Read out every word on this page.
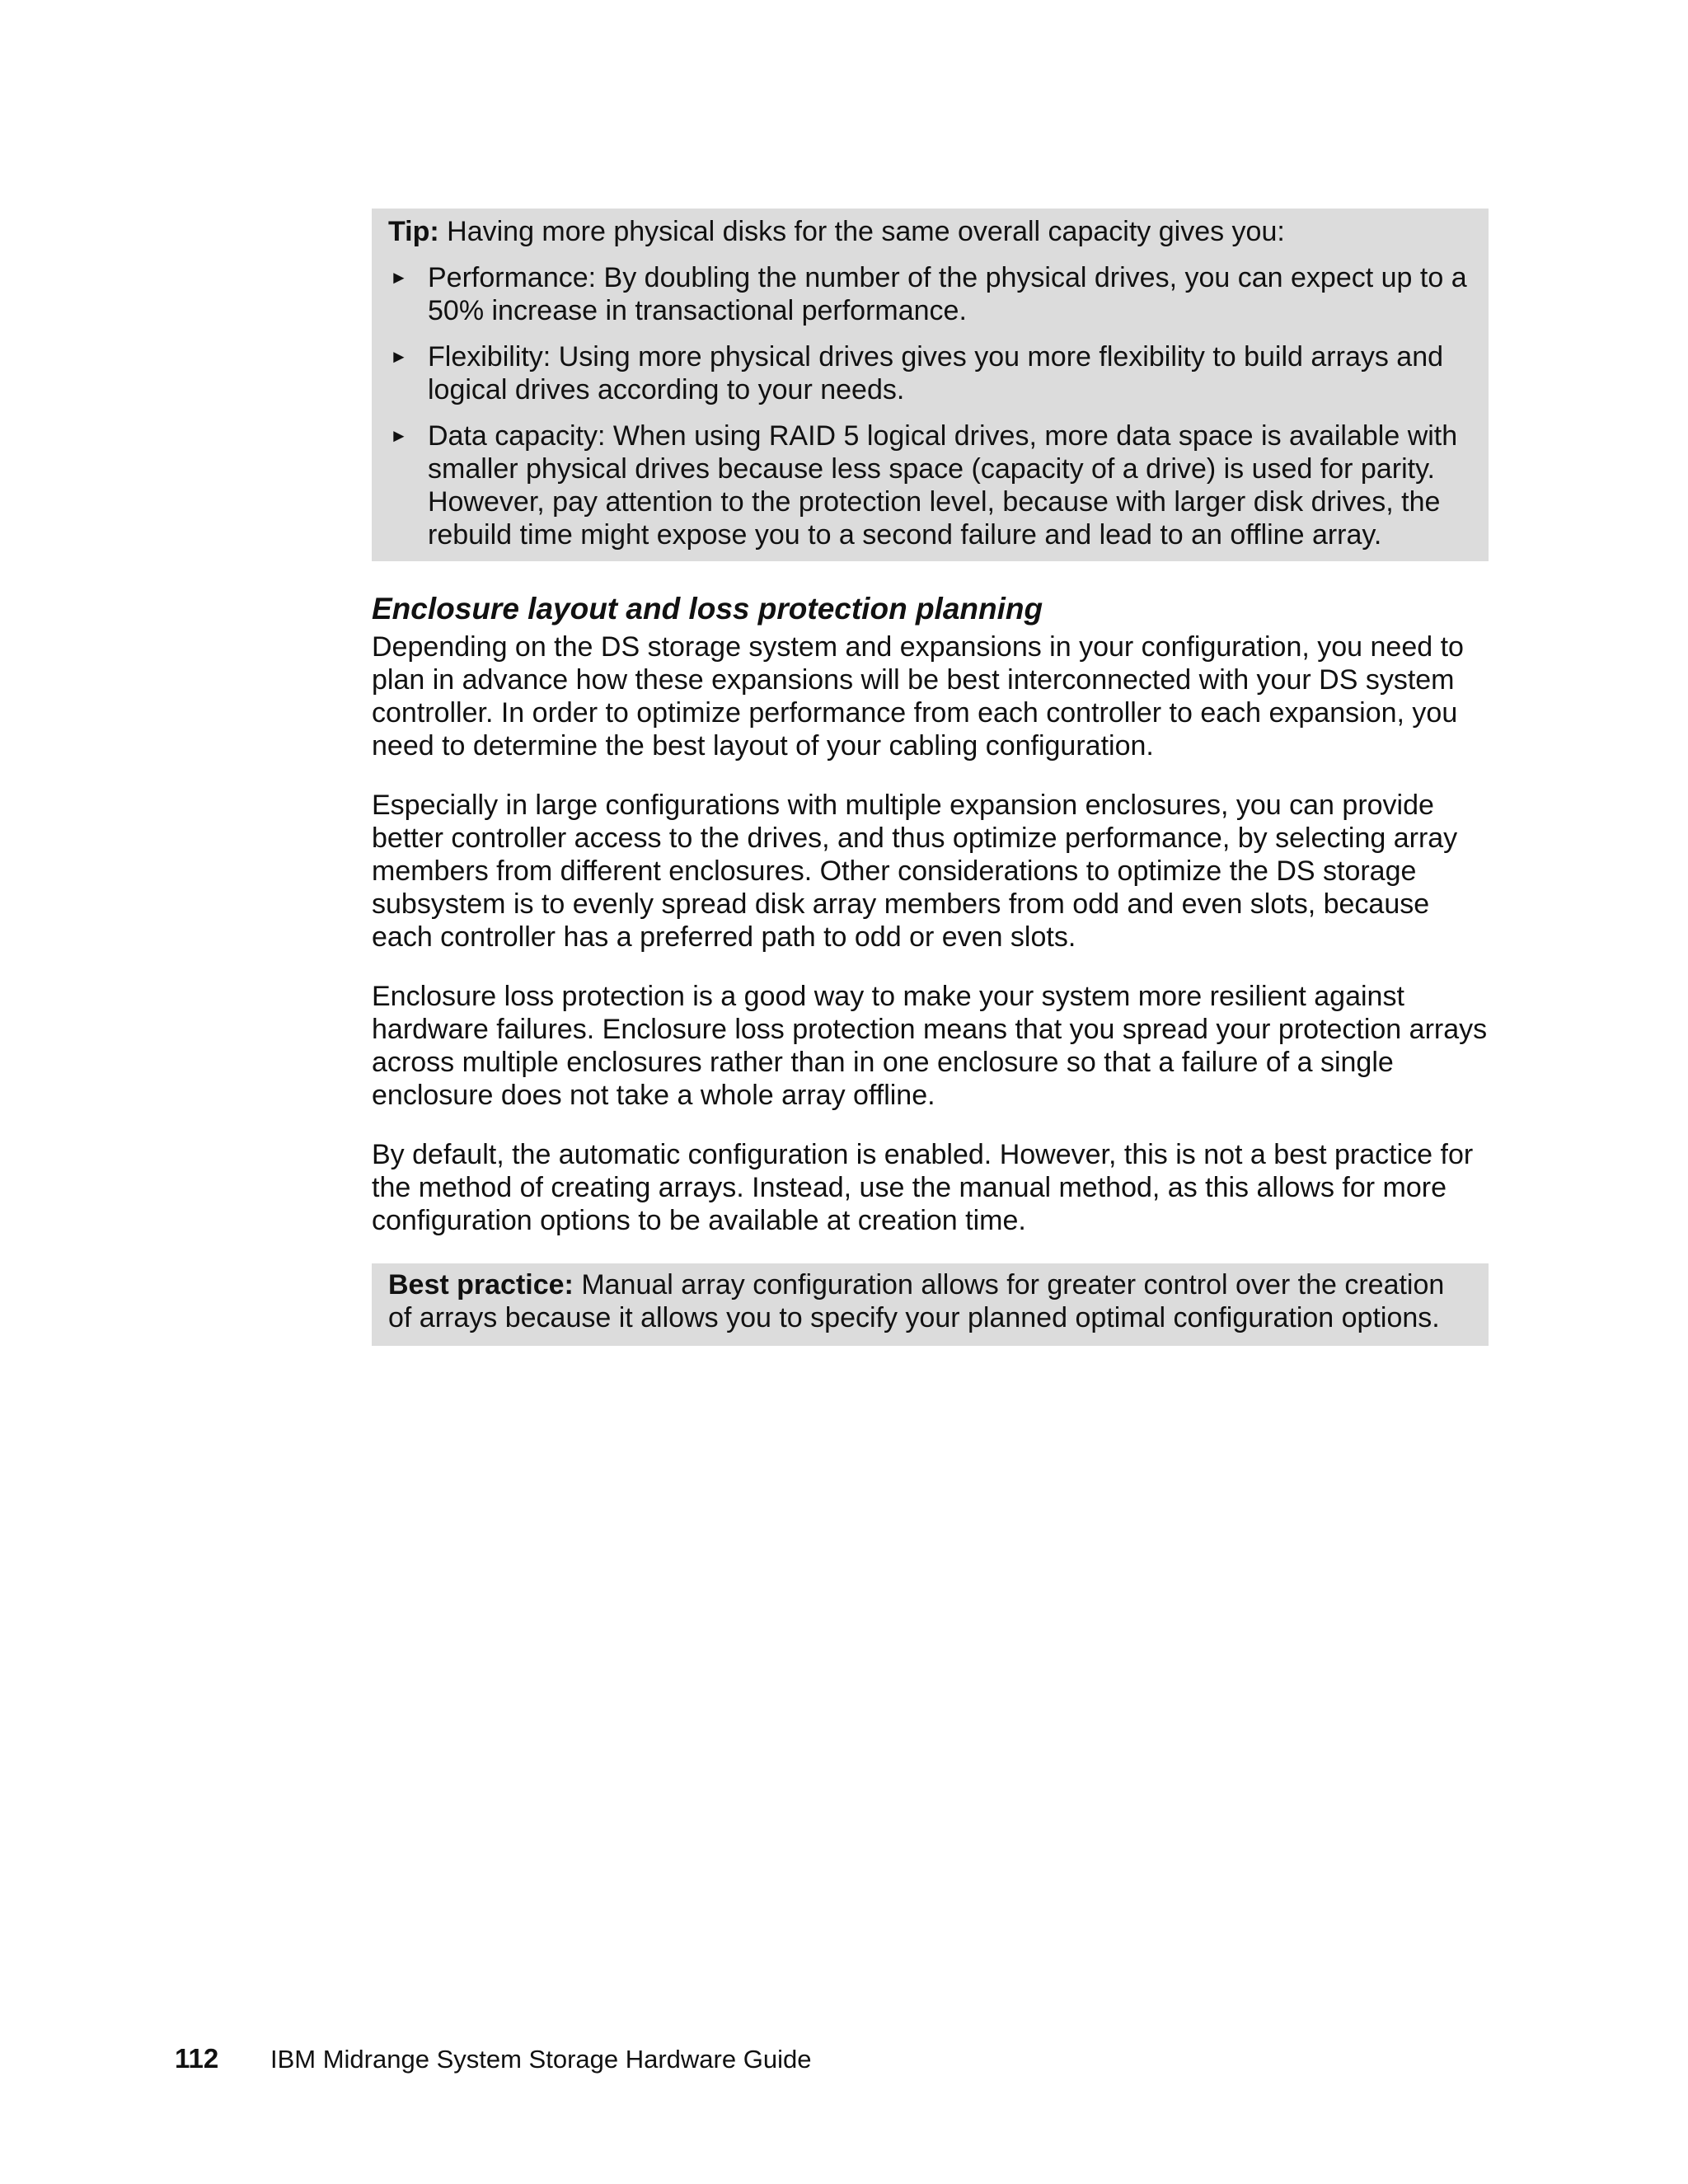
Tip: Having more physical disks for the same overall capacity gives you:

► Performance: By doubling the number of the physical drives, you can expect up to a 50% increase in transactional performance.
► Flexibility: Using more physical drives gives you more flexibility to build arrays and logical drives according to your needs.
► Data capacity: When using RAID 5 logical drives, more data space is available with smaller physical drives because less space (capacity of a drive) is used for parity. However, pay attention to the protection level, because with larger disk drives, the rebuild time might expose you to a second failure and lead to an offline array.
Enclosure layout and loss protection planning

Depending on the DS storage system and expansions in your configuration, you need to plan in advance how these expansions will be best interconnected with your DS system controller. In order to optimize performance from each controller to each expansion, you need to determine the best layout of your cabling configuration.

Especially in large configurations with multiple expansion enclosures, you can provide better controller access to the drives, and thus optimize performance, by selecting array members from different enclosures. Other considerations to optimize the DS storage subsystem is to evenly spread disk array members from odd and even slots, because each controller has a preferred path to odd or even slots.

Enclosure loss protection is a good way to make your system more resilient against hardware failures. Enclosure loss protection means that you spread your protection arrays across multiple enclosures rather than in one enclosure so that a failure of a single enclosure does not take a whole array offline.

By default, the automatic configuration is enabled. However, this is not a best practice for the method of creating arrays. Instead, use the manual method, as this allows for more configuration options to be available at creation time.

Best practice: Manual array configuration allows for greater control over the creation of arrays because it allows you to specify your planned optimal configuration options.

112 IBM Midrange System Storage Hardware Guide
